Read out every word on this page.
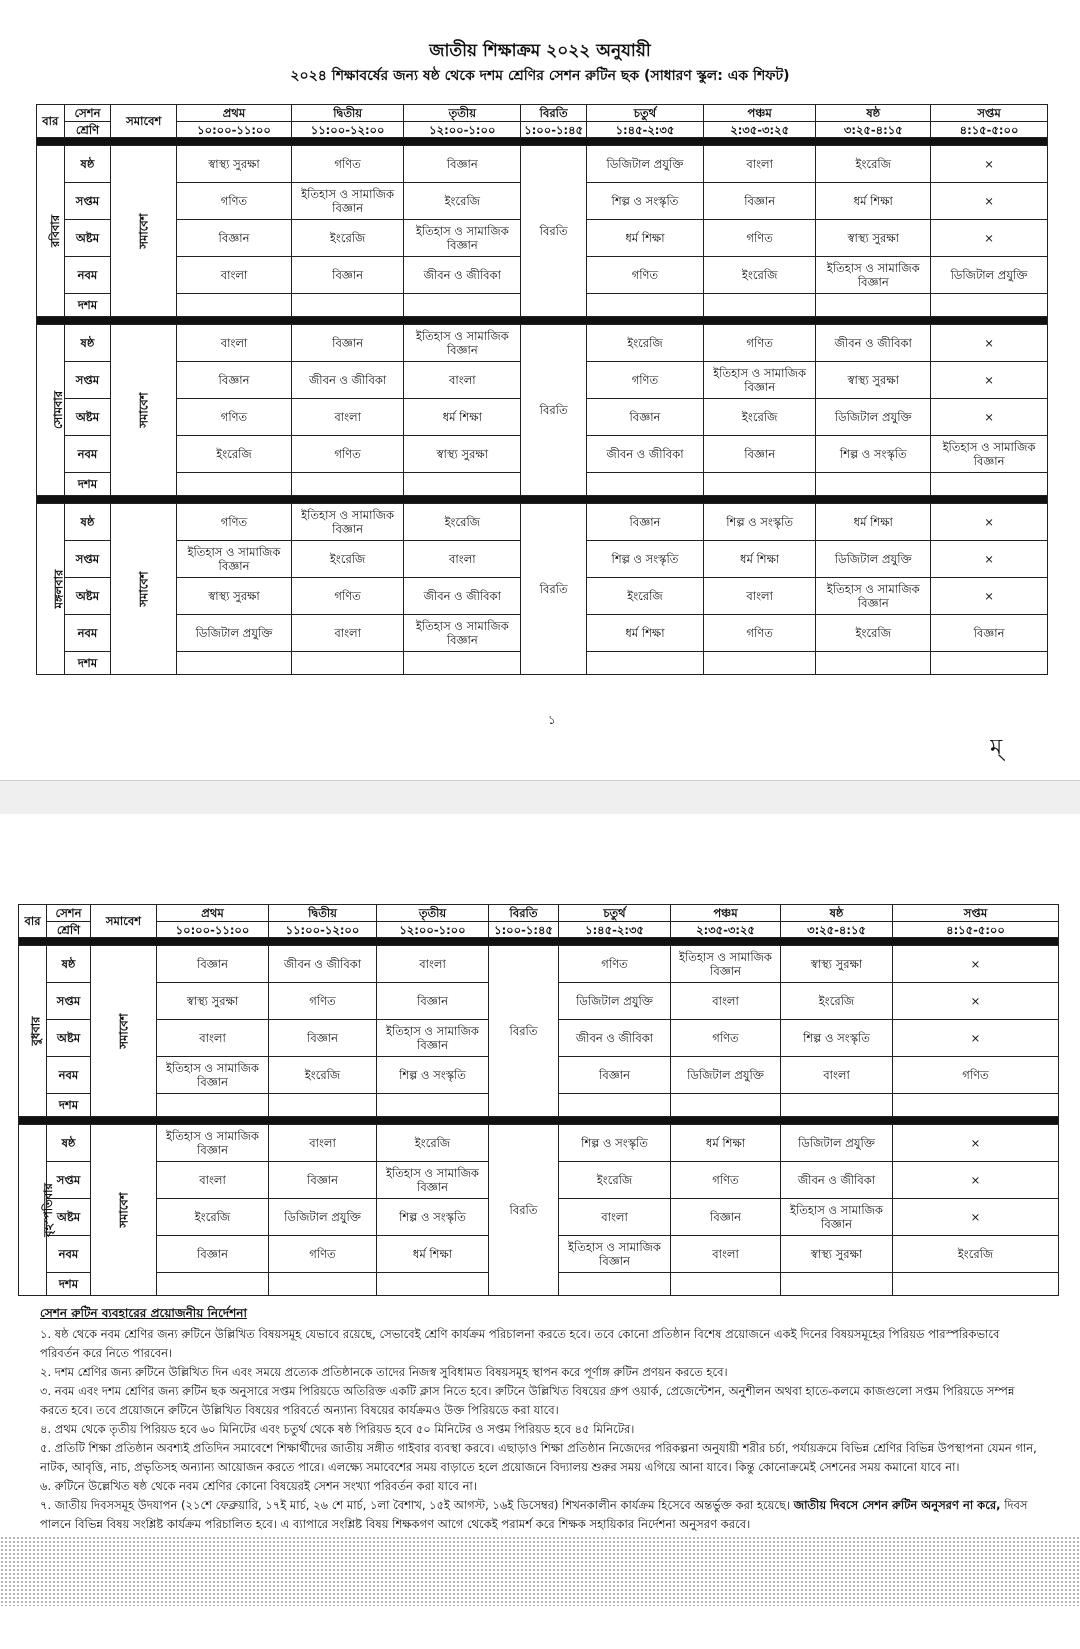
জাতীয় শিক্ষাক্রম ২০২২ অনুযায়ী
২০২৪ শিক্ষাবর্ষের জন্য ষষ্ঠ থেকে দশম শ্রেণির সেশন রুটিন ছক (সাধারণ স্কুল: এক শিফট)
বার	সেশন	সমাবেশ	প্রথম	দ্বিতীয়	তৃতীয়	বিরতি	চতুর্থ	পঞ্চম	ষষ্ঠ	সপ্তম
	শ্রেণি		১০:০০-১১:০০	১১:০০-১২:০০	১২:০০-১:০০	১:০০-১:৪৫	১:৪৫-২:৩৫	২:৩৫-৩:২৫	৩:২৫-৪:১৫	৪:১৫-৫:০০

রবিবার	ষষ্ঠ	সমাবেশ	স্বাস্থ্য সুরক্ষা	গণিত	বিজ্ঞান	বিরতি	ডিজিটাল প্রযুক্তি	বাংলা	ইংরেজি	×
	সপ্তম		গণিত	ইতিহাস ও সামাজিক বিজ্ঞান	ইংরেজি		শিল্প ও সংস্কৃতি	বিজ্ঞান	ধর্ম শিক্ষা	×
	অষ্টম		বিজ্ঞান	ইংরেজি	ইতিহাস ও সামাজিক বিজ্ঞান		ধর্ম শিক্ষা	গণিত	স্বাস্থ্য সুরক্ষা	×
	নবম		বাংলা	বিজ্ঞান	জীবন ও জীবিকা		গণিত	ইংরেজি	ইতিহাস ও সামাজিক বিজ্ঞান	ডিজিটাল প্রযুক্তি
	দশম									

সোমবার	ষষ্ঠ	সমাবেশ	বাংলা	বিজ্ঞান	ইতিহাস ও সামাজিক বিজ্ঞান	বিরতি	ইংরেজি	গণিত	জীবন ও জীবিকা	×
	সপ্তম		বিজ্ঞান	জীবন ও জীবিকা	বাংলা		গণিত	ইতিহাস ও সামাজিক বিজ্ঞান	স্বাস্থ্য সুরক্ষা	×
	অষ্টম		গণিত	বাংলা	ধর্ম শিক্ষা		বিজ্ঞান	ইংরেজি	ডিজিটাল প্রযুক্তি	×
	নবম		ইংরেজি	গণিত	স্বাস্থ্য সুরক্ষা		জীবন ও জীবিকা	বিজ্ঞান	শিল্প ও সংস্কৃতি	ইতিহাস ও সামাজিক বিজ্ঞান
	দশম									

মঙ্গলবার	ষষ্ঠ	সমাবেশ	গণিত	ইতিহাস ও সামাজিক বিজ্ঞান	ইংরেজি	বিরতি	বিজ্ঞান	শিল্প ও সংস্কৃতি	ধর্ম শিক্ষা	×
	সপ্তম		ইতিহাস ও সামাজিক বিজ্ঞান	ইংরেজি	বাংলা		শিল্প ও সংস্কৃতি	ধর্ম শিক্ষা	ডিজিটাল প্রযুক্তি	×
	অষ্টম		স্বাস্থ্য সুরক্ষা	গণিত	জীবন ও জীবিকা		ইংরেজি	বাংলা	ইতিহাস ও সামাজিক বিজ্ঞান	×
	নবম		ডিজিটাল প্রযুক্তি	বাংলা	ইতিহাস ও সামাজিক বিজ্ঞান		ধর্ম শিক্ষা	গণিত	ইংরেজি	বিজ্ঞান
	দশম									
১
ম্
বার	সেশন	সমাবেশ	প্রথম	দ্বিতীয়	তৃতীয়	বিরতি	চতুর্থ	পঞ্চম	ষষ্ঠ	সপ্তম
	শ্রেণি		১০:০০-১১:০০	১১:০০-১২:০০	১২:০০-১:০০	১:০০-১:৪৫	১:৪৫-২:৩৫	২:৩৫-৩:২৫	৩:২৫-৪:১৫	৪:১৫-৫:০০

বুধবার	ষষ্ঠ	সমাবেশ	বিজ্ঞান	জীবন ও জীবিকা	বাংলা	বিরতি	গণিত	ইতিহাস ও সামাজিক বিজ্ঞান	স্বাস্থ্য সুরক্ষা	×
	সপ্তম		স্বাস্থ্য সুরক্ষা	গণিত	বিজ্ঞান		ডিজিটাল প্রযুক্তি	বাংলা	ইংরেজি	×
	অষ্টম		বাংলা	বিজ্ঞান	ইতিহাস ও সামাজিক বিজ্ঞান		জীবন ও জীবিকা	গণিত	শিল্প ও সংস্কৃতি	×
	নবম		ইতিহাস ও সামাজিক বিজ্ঞান	ইংরেজি	শিল্প ও সংস্কৃতি		বিজ্ঞান	ডিজিটাল প্রযুক্তি	বাংলা	গণিত
	দশম									

বৃহস্পতিবার	ষষ্ঠ	সমাবেশ	ইতিহাস ও সামাজিক বিজ্ঞান	বাংলা	ইংরেজি	বিরতি	শিল্প ও সংস্কৃতি	ধর্ম শিক্ষা	ডিজিটাল প্রযুক্তি	×
	সপ্তম		বাংলা	বিজ্ঞান	ইতিহাস ও সামাজিক বিজ্ঞান		ইংরেজি	গণিত	জীবন ও জীবিকা	×
	অষ্টম		ইংরেজি	ডিজিটাল প্রযুক্তি	শিল্প ও সংস্কৃতি		বাংলা	বিজ্ঞান	ইতিহাস ও সামাজিক বিজ্ঞান	×
	নবম		বিজ্ঞান	গণিত	ধর্ম শিক্ষা		ইতিহাস ও সামাজিক বিজ্ঞান	বাংলা	স্বাস্থ্য সুরক্ষা	ইংরেজি
	দশম									
সেশন রুটিন ব্যবহারের প্রয়োজনীয় নির্দেশনা
১. ষষ্ঠ থেকে নবম শ্রেণির জন্য রুটিনে উল্লিখিত বিষয়সমূহ যেভাবে রয়েছে, সেভাবেই শ্রেণি কার্যক্রম পরিচালনা করতে হবে। তবে কোনো প্রতিষ্ঠান বিশেষ প্রয়োজনে একই দিনের বিষয়সমূহের পিরিয়ড পারস্পরিকভাবে পরিবর্তন করে নিতে পারবেন।
২. দশম শ্রেণির জন্য রুটিনে উল্লিখিত দিন এবং সময়ে প্রত্যেক প্রতিষ্ঠানকে তাদের নিজস্ব সুবিধামত বিষয়সমূহ স্থাপন করে পূর্ণাঙ্গ রুটিন প্রণয়ন করতে হবে।
৩. নবম এবং দশম শ্রেণির জন্য রুটিন ছক অনুসারে সপ্তম পিরিয়ডে অতিরিক্ত একটি ক্লাস নিতে হবে। রুটিনে উল্লিখিত বিষয়ের গ্রুপ ওয়ার্ক, প্রেজেন্টেশন, অনুশীলন অথবা হাতে-কলমে কাজগুলো সপ্তম পিরিয়ডে সম্পন্ন করতে হবে। তবে প্রয়োজনে রুটিনে উল্লিখিত বিষয়ের পরিবর্তে অন্যান্য বিষয়ের কার্যক্রমও উক্ত পিরিয়ডে করা যাবে।
৪. প্রথম থেকে তৃতীয় পিরিয়ড হবে ৬০ মিনিটের এবং চতুর্থ থেকে ষষ্ঠ পিরিয়ড হবে ৫০ মিনিটের ও সপ্তম পিরিয়ড হবে ৪৫ মিনিটের।
৫. প্রতিটি শিক্ষা প্রতিষ্ঠান অবশ্যই প্রতিদিন সমাবেশে শিক্ষার্থীদের জাতীয় সঙ্গীত গাইবার ব্যবস্থা করবে। এছাড়াও শিক্ষা প্রতিষ্ঠান নিজেদের পরিকল্পনা অনুযায়ী শরীর চর্চা, পর্যায়ক্রমে বিভিন্ন শ্রেণির বিভিন্ন উপস্থাপনা যেমন গান, নাটক, আবৃত্তি, নাচ, প্রভৃতিসহ অন্যান্য আয়োজন করতে পারে। এলক্ষ্যে সমাবেশের সময় বাড়াতে হলে প্রয়োজনে বিদ্যালয় শুরুর সময় এগিয়ে আনা যাবে। কিন্তু কোনোক্রমেই সেশনের সময় কমানো যাবে না।
৬. রুটিনে উল্লেখিত ষষ্ঠ থেকে নবম শ্রেণির কোনো বিষয়েরই সেশন সংখ্যা পরিবর্তন করা যাবে না।
৭. জাতীয় দিবসসমূহ উদযাপন (২১শে ফেব্রুয়ারি, ১৭ই মার্চ, ২৬ শে মার্চ, ১লা বৈশাখ, ১৫ই আগস্ট, ১৬ই ডিসেম্বর) শিখনকালীন কার্যক্রম হিসেবে অন্তর্ভুক্ত করা হয়েছে। জাতীয় দিবসে সেশন রুটিন অনুসরণ না করে, দিবস পালনে বিভিন্ন বিষয় সংশ্লিষ্ট কার্যক্রম পরিচালিত হবে। এ ব্যাপারে সংশ্লিষ্ট বিষয় শিক্ষকগণ আগে থেকেই পরামর্শ করে শিক্ষক সহায়িকার নির্দেশনা অনুসরণ করবে।
